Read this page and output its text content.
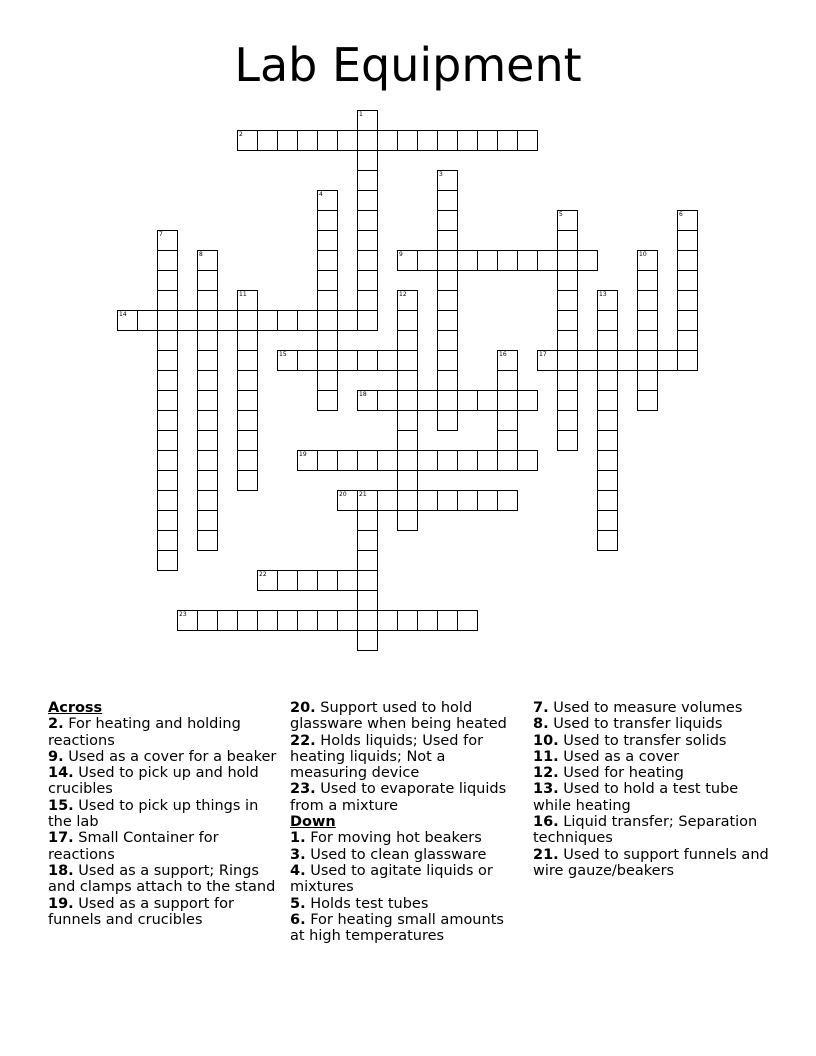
Lab Equipment
1
2
3
4
5	6
7
8	9	10
11	12	13
14
15	16	17
18
19
20 21
22
23

Across

2. For heating and holding reactions

9. Used as a cover for a beaker

14. Used to pick up and hold crucibles

15. Used to pick up things in the lab

17. Small Container for reactions

18. Used as a support; Rings and clamps attach to the stand

19. Used as a support for funnels and crucibles

20. Support used to hold glassware when being heated

22. Holds liquids; Used for heating liquids; Not a measuring device

23. Used to evaporate liquids from a mixture

Down

1. For moving hot beakers

3. Used to clean glassware

4. Used to agitate liquids or mixtures

5. Holds test tubes

6. For heating small amounts at high temperatures

7. Used to measure volumes

8. Used to transfer liquids

10. Used to transfer solids

11. Used as a cover

12. Used for heating

13. Used to hold a test tube while heating

16. Liquid transfer; Separation techniques

21. Used to support funnels and wire gauze/beakers
